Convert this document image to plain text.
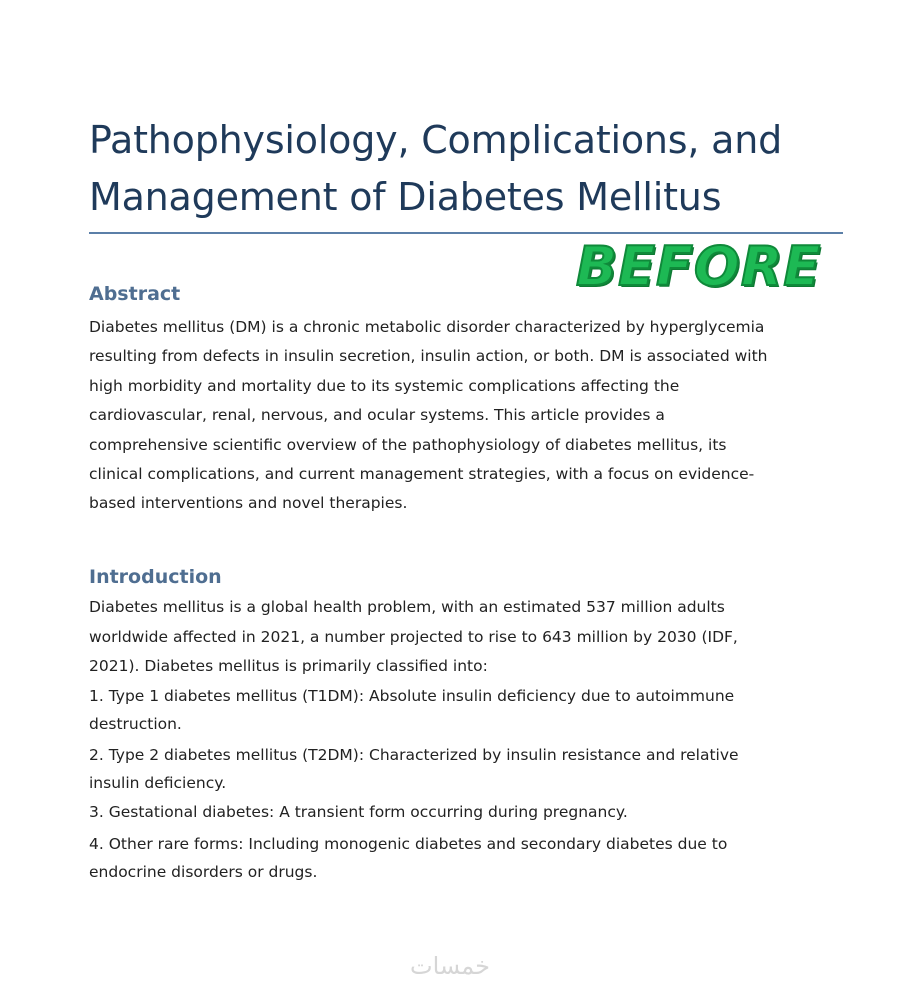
Pathophysiology, Complications, and
Management of Diabetes Mellitus
BEFORE
Abstract

Diabetes mellitus (DM) is a chronic metabolic disorder characterized by hyperglycemia
resulting from defects in insulin secretion, insulin action, or both. DM is associated with
high morbidity and mortality due to its systemic complications affecting the
cardiovascular, renal, nervous, and ocular systems. This article provides a
comprehensive scientific overview of the pathophysiology of diabetes mellitus, its
clinical complications, and current management strategies, with a focus on evidence-
based interventions and novel therapies.

Introduction

Diabetes mellitus is a global health problem, with an estimated 537 million adults
worldwide affected in 2021, a number projected to rise to 643 million by 2030 (IDF,
2021). Diabetes mellitus is primarily classified into:

1. Type 1 diabetes mellitus (T1DM): Absolute insulin deficiency due to autoimmune
destruction.
2. Type 2 diabetes mellitus (T2DM): Characterized by insulin resistance and relative
insulin deficiency.
3. Gestational diabetes: A transient form occurring during pregnancy.
4. Other rare forms: Including monogenic diabetes and secondary diabetes due to
endocrine disorders or drugs.
خمسات
